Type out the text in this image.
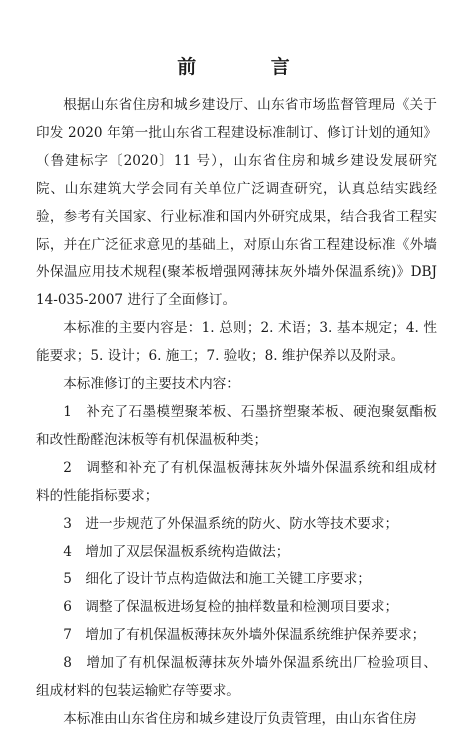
前 言

根据山东省住房和城乡建设厅、山东省市场监督管理局《关于印发 2020 年第一批山东省工程建设标准制订、修订计划的通知》（鲁建标字〔2020〕11 号），山东省住房和城乡建设发展研究院、山东建筑大学会同有关单位广泛调查研究，认真总结实践经验，参考有关国家、行业标准和国内外研究成果，结合我省工程实际，并在广泛征求意见的基础上，对原山东省工程建设标准《外墙外保温应用技术规程(聚苯板增强网薄抹灰外墙外保温系统)》DBJ 14-035-2007 进行了全面修订。

本标准的主要内容是：1. 总则；2. 术语；3. 基本规定；4. 性能要求；5. 设计；6. 施工；7. 验收；8. 维护保养以及附录。

本标准修订的主要技术内容：

1　补充了石墨模塑聚苯板、石墨挤塑聚苯板、硬泡聚氨酯板和改性酚醛泡沫板等有机保温板种类；

2　调整和补充了有机保温板薄抹灰外墙外保温系统和组成材料的性能指标要求；

3　进一步规范了外保温系统的防火、防水等技术要求；

4　增加了双层保温板系统构造做法；

5　细化了设计节点构造做法和施工关键工序要求；

6　调整了保温板进场复检的抽样数量和检测项目要求；

7　增加了有机保温板薄抹灰外墙外保温系统维护保养要求；

8　增加了有机保温板薄抹灰外墙外保温系统出厂检验项目、组成材料的包装运输贮存等要求。

本标准由山东省住房和城乡建设厅负责管理，由山东省住房
